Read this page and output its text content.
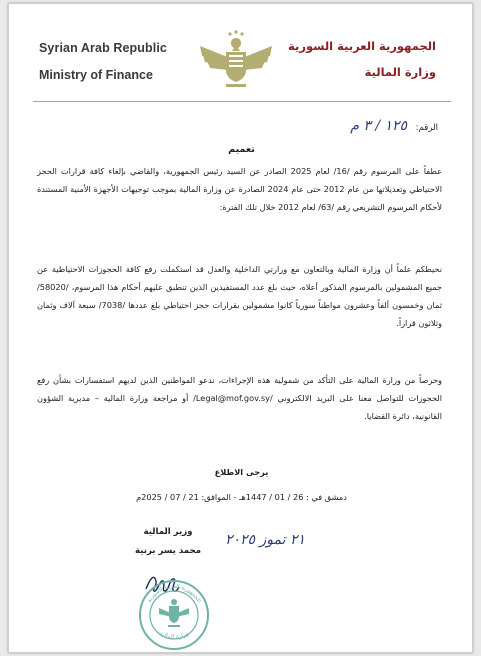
Syrian Arab Republic
Ministry of Finance
الجمهورية العربية السورية
وزارة المالية
الرقم: ١٢٥ / ٣ م
تعميم
عطفاً على المرسوم رقم /16/ لعام 2025 الصادر عن السيد رئيس الجمهورية، والقاضي بإلغاء كافة قرارات الحجز الاحتياطي وتعديلاتها من عام 2012 حتى عام 2024 الصادرة عن وزارة المالية بموجب توجيهات الأجهزة الأمنية المستندة لأحكام المرسوم التشريعي رقم /63/ لعام 2012 خلال تلك الفترة:
نحيطكم علماً أن وزارة المالية وبالتعاون مع وزارتي الداخلية والعدل قد استكملت رفع كافة الحجوزات الاحتياطية عن جميع المشمولين بالمرسوم المذكور أعلاه، حيث بلغ عدد المستفيدين الذين تنطبق عليهم أحكام هذا المرسوم، /58020/ ثمان وخمسون ألفاً وعشرون مواطناً سورياً كانوا مشمولين بقرارات حجز احتياطي بلغ عددها /7038/ سبعة آلاف وثمان وثلاثون قراراً.
وحرصاً من وزارة المالية على التأكد من شمولية هذه الإجراءات، ندعو المواطنين الذين لديهم استفسارات بشأن رفع الحجوزات للتواصل معنا على البريد الالكتروني /Legal@mof.gov.sy/ أو مراجعة وزارة المالية – مديرية الشؤون القانونية، دائرة القضايا.
يرجى الاطلاع
دمشق في : 26 / 01 / 1447هـ - الموافق: 21 / 07 / 2025م
وزير المالية
محمد يسر برنية
٢١ تموز ٢٠٢٥
الجمهورية العربية السورية
وزارة المالية
